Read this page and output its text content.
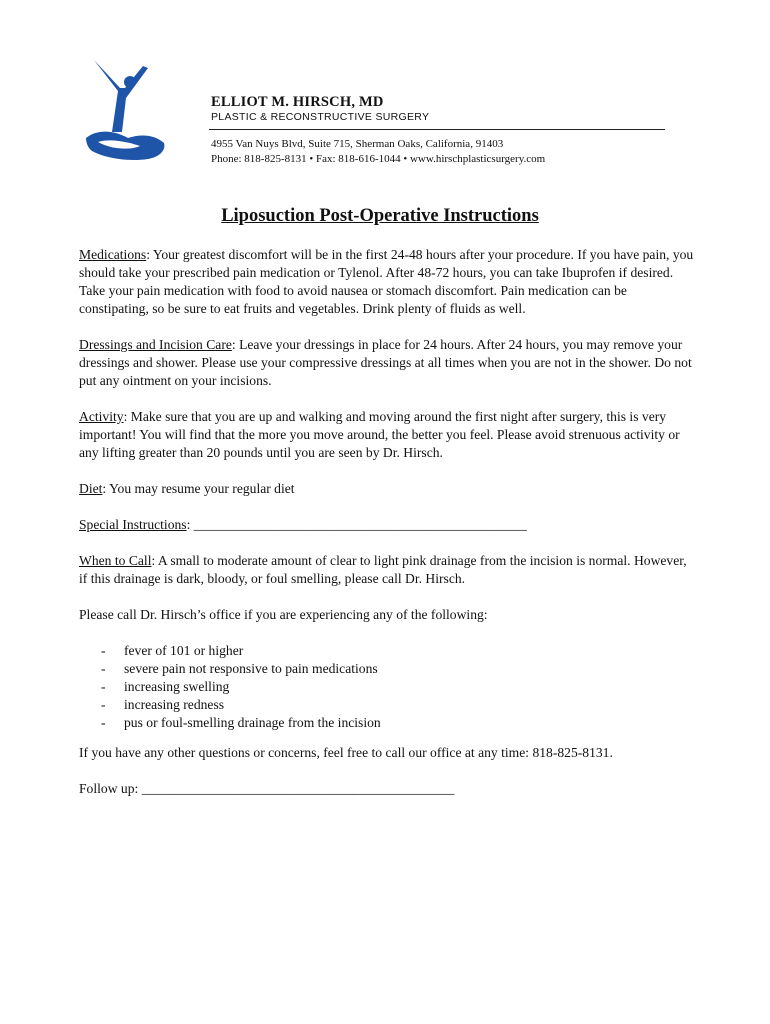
ELLIOT M. HIRSCH, MD
PLASTIC & RECONSTRUCTIVE SURGERY
4955 Van Nuys Blvd, Suite 715, Sherman Oaks, California, 91403
Phone: 818-825-8131 • Fax: 818-616-1044 • www.hirschplasticsurgery.com
Liposuction Post-Operative Instructions

Medications: Your greatest discomfort will be in the first 24-48 hours after your procedure. If you have pain, you should take your prescribed pain medication or Tylenol. After 48-72 hours, you can take Ibuprofen if desired. Take your pain medication with food to avoid nausea or stomach discomfort. Pain medication can be constipating, so be sure to eat fruits and vegetables. Drink plenty of fluids as well.

Dressings and Incision Care: Leave your dressings in place for 24 hours. After 24 hours, you may remove your dressings and shower. Please use your compressive dressings at all times when you are not in the shower. Do not put any ointment on your incisions.

Activity: Make sure that you are up and walking and moving around the first night after surgery, this is very important! You will find that the more you move around, the better you feel. Please avoid strenuous activity or any lifting greater than 20 pounds until you are seen by Dr. Hirsch.

Diet: You may resume your regular diet

Special Instructions: _________________________________________________

When to Call: A small to moderate amount of clear to light pink drainage from the incision is normal. However, if this drainage is dark, bloody, or foul smelling, please call Dr. Hirsch.

Please call Dr. Hirsch’s office if you are experiencing any of the following:

- fever of 101 or higher
- severe pain not responsive to pain medications
- increasing swelling
- increasing redness
- pus or foul-smelling drainage from the incision

If you have any other questions or concerns, feel free to call our office at any time: 818-825-8131.

Follow up: ______________________________________________
